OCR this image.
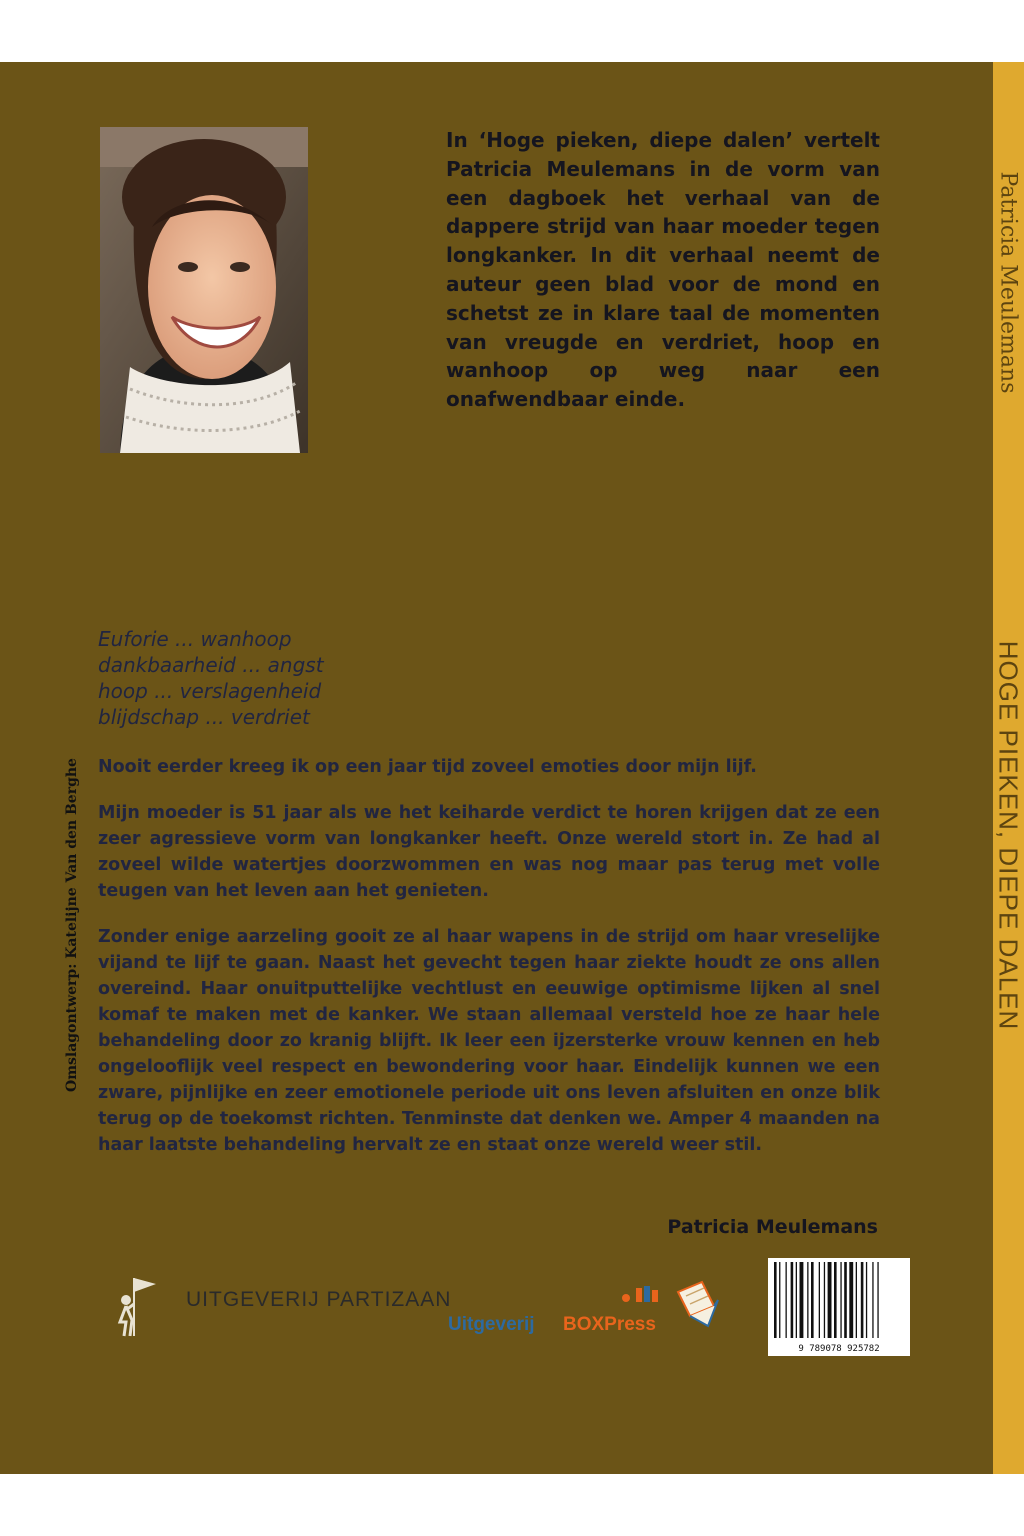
Patricia Meulemans
HOGE PIEKEN, DIEPE DALEN
In ‘Hoge pieken, diepe dalen’ vertelt Patricia Meulemans in de vorm van een dagboek het verhaal van de dappere strijd van haar moeder tegen longkanker. In dit verhaal neemt de auteur geen blad voor de mond en schetst ze in klare taal de momenten van vreugde en verdriet, hoop en wanhoop op weg naar een onafwendbaar einde.
Euforie ... wanhoop
dankbaarheid ... angst
hoop ... verslagenheid
blijdschap ... verdriet

Nooit eerder kreeg ik op een jaar tijd zoveel emoties door mijn lijf.

Mijn moeder is 51 jaar als we het keiharde verdict te horen krijgen dat ze een zeer agressieve vorm van longkanker heeft. Onze wereld stort in. Ze had al zoveel wilde watertjes doorzwommen en was nog maar pas terug met volle teugen van het leven aan het genieten.

Zonder enige aarzeling gooit ze al haar wapens in de strijd om haar vreselijke vijand te lijf te gaan. Naast het gevecht tegen haar ziekte houdt ze ons allen overeind. Haar onuitputtelijke vechtlust en eeuwige optimisme lijken al snel komaf te maken met de kanker. We staan allemaal versteld hoe ze haar hele behandeling door zo kranig blijft. Ik leer een ijzersterke vrouw kennen en heb ongelooflijk veel respect en bewondering voor haar. Eindelijk kunnen we een zware, pijnlijke en zeer emotionele periode uit ons leven afsluiten en onze blik terug op de toekomst richten. Tenminste dat denken we. Amper 4 maanden na haar laatste behandeling hervalt ze en staat onze wereld weer stil.

Patricia Meulemans
Omslagontwerp: Katelijne Van den Berghe
UITGEVERIJ PARTIZAAN
Uitgeverij BOXPress
9 789078 925782
